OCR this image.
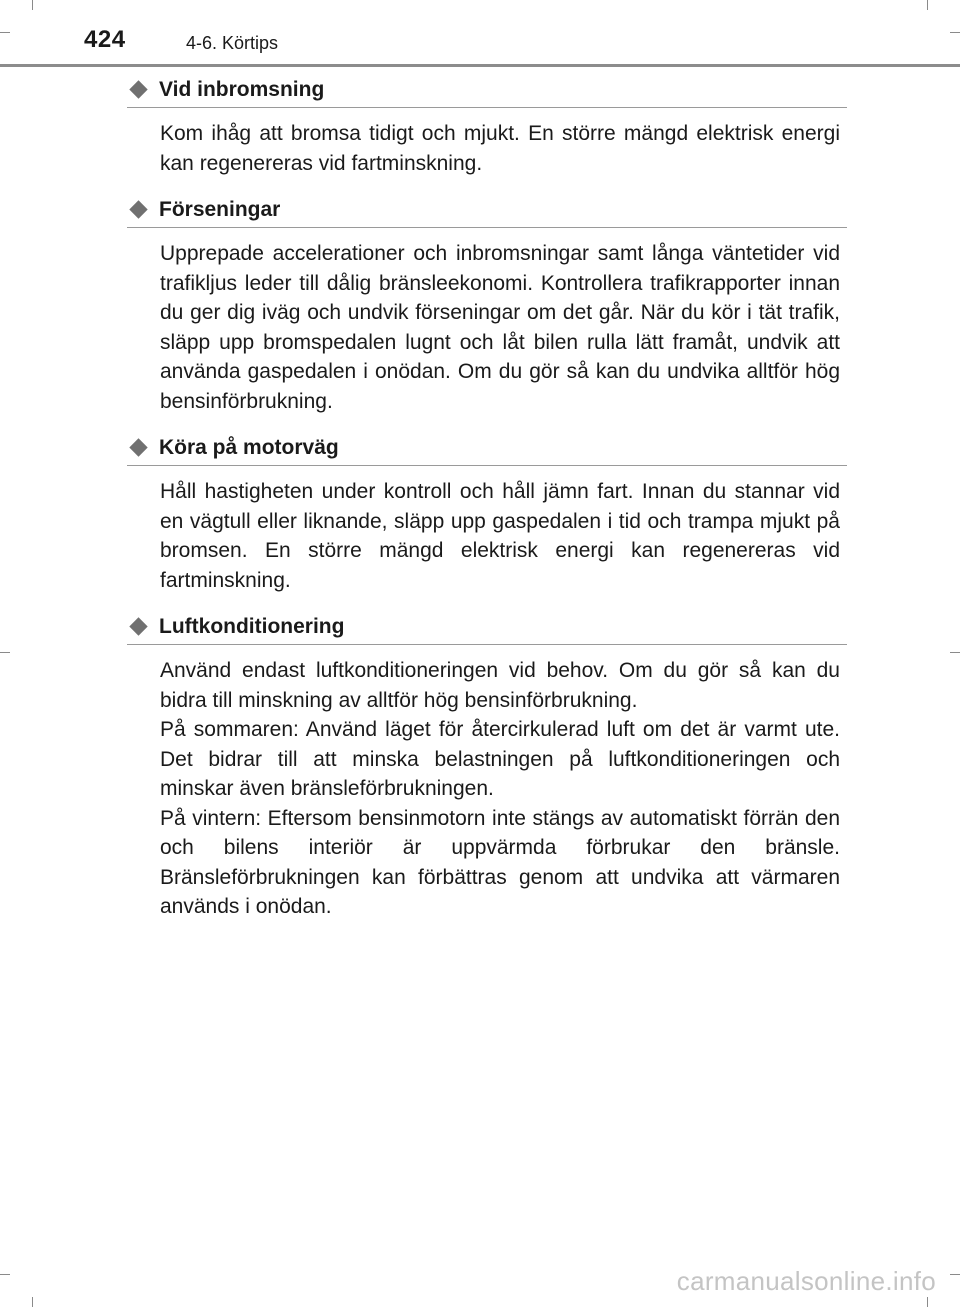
424	4-6. Körtips
Vid inbromsning

Kom ihåg att bromsa tidigt och mjukt. En större mängd elektrisk energi kan regenereras vid fartminskning.

Förseningar

Upprepade accelerationer och inbromsningar samt långa väntetider vid trafikljus leder till dålig bränsleekonomi. Kontrollera trafikrapporter innan du ger dig iväg och undvik förseningar om det går. När du kör i tät trafik, släpp upp bromspedalen lugnt och låt bilen rulla lätt framåt, undvik att använda gaspedalen i onödan. Om du gör så kan du undvika alltför hög bensinförbrukning.

Köra på motorväg

Håll hastigheten under kontroll och håll jämn fart. Innan du stannar vid en vägtull eller liknande, släpp upp gaspedalen i tid och trampa mjukt på bromsen. En större mängd elektrisk energi kan regenereras vid fartminskning.

Luftkonditionering

Använd endast luftkonditioneringen vid behov. Om du gör så kan du bidra till minskning av alltför hög bensinförbrukning.

På sommaren: Använd läget för återcirkulerad luft om det är varmt ute. Det bidrar till att minska belastningen på luftkonditioneringen och minskar även bränsleförbrukningen.

På vintern: Eftersom bensinmotorn inte stängs av automatiskt förrän den och bilens interiör är uppvärmda förbrukar den bränsle. Bränsleförbrukningen kan förbättras genom att undvika att värmaren används i onödan.

carmanualsonline.info
